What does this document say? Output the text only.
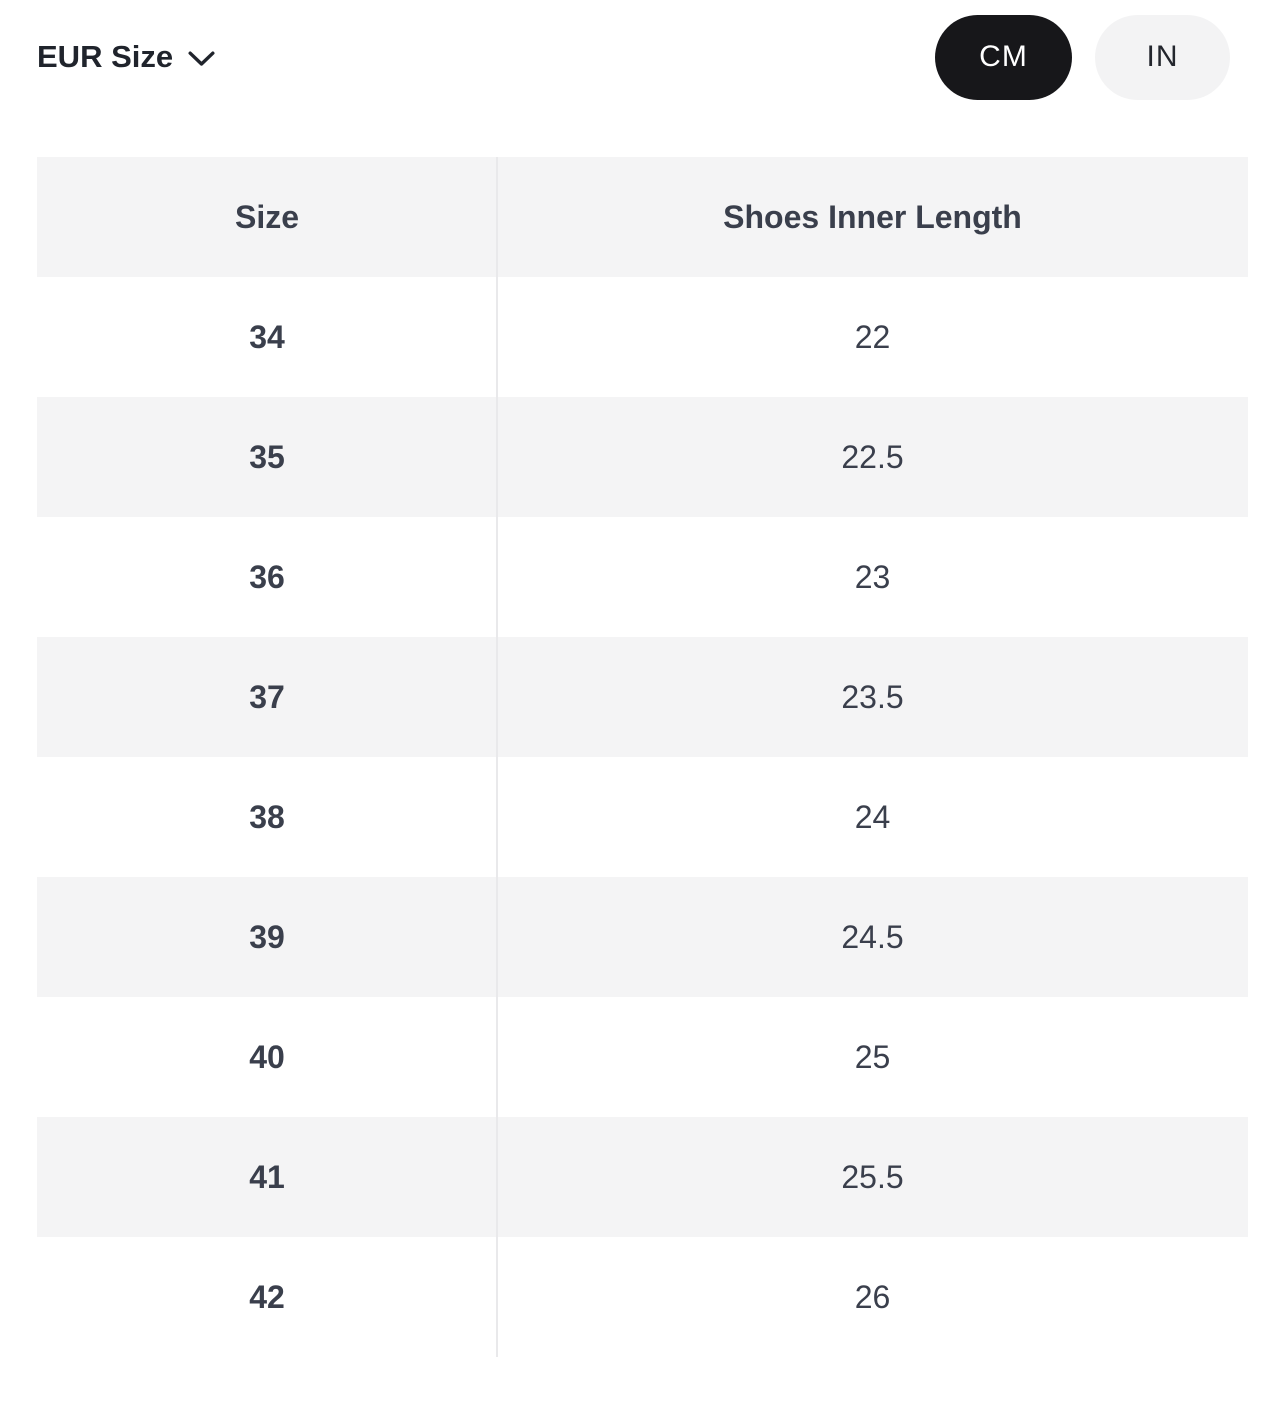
EUR Size	CM	IN
Size	Shoes Inner Length
34	22
35	22.5
36	23
37	23.5
38	24
39	24.5
40	25
41	25.5
42	26
